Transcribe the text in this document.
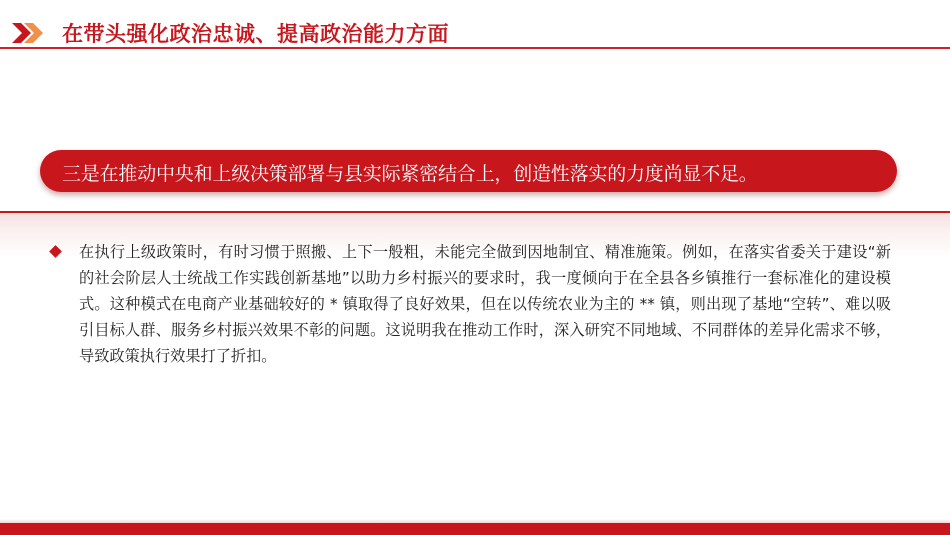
在带头强化政治忠诚、提高政治能力方面
三是在推动中央和上级决策部署与县实际紧密结合上，创造性落实的力度尚显不足。
在执行上级政策时，有时习惯于照搬、上下一般粗，未能完全做到因地制宜、精准施策。例如，在落实省委关于建设“新的社会阶层人士统战工作实践创新基地”以助力乡村振兴的要求时，我一度倾向于在全县各乡镇推行一套标准化的建设模式。这种模式在电商产业基础较好的 * 镇取得了良好效果，但在以传统农业为主的 ** 镇，则出现了基地“空转”、难以吸引目标人群、服务乡村振兴效果不彰的问题。这说明我在推动工作时，深入研究不同地域、不同群体的差异化需求不够，导致政策执行效果打了折扣。
